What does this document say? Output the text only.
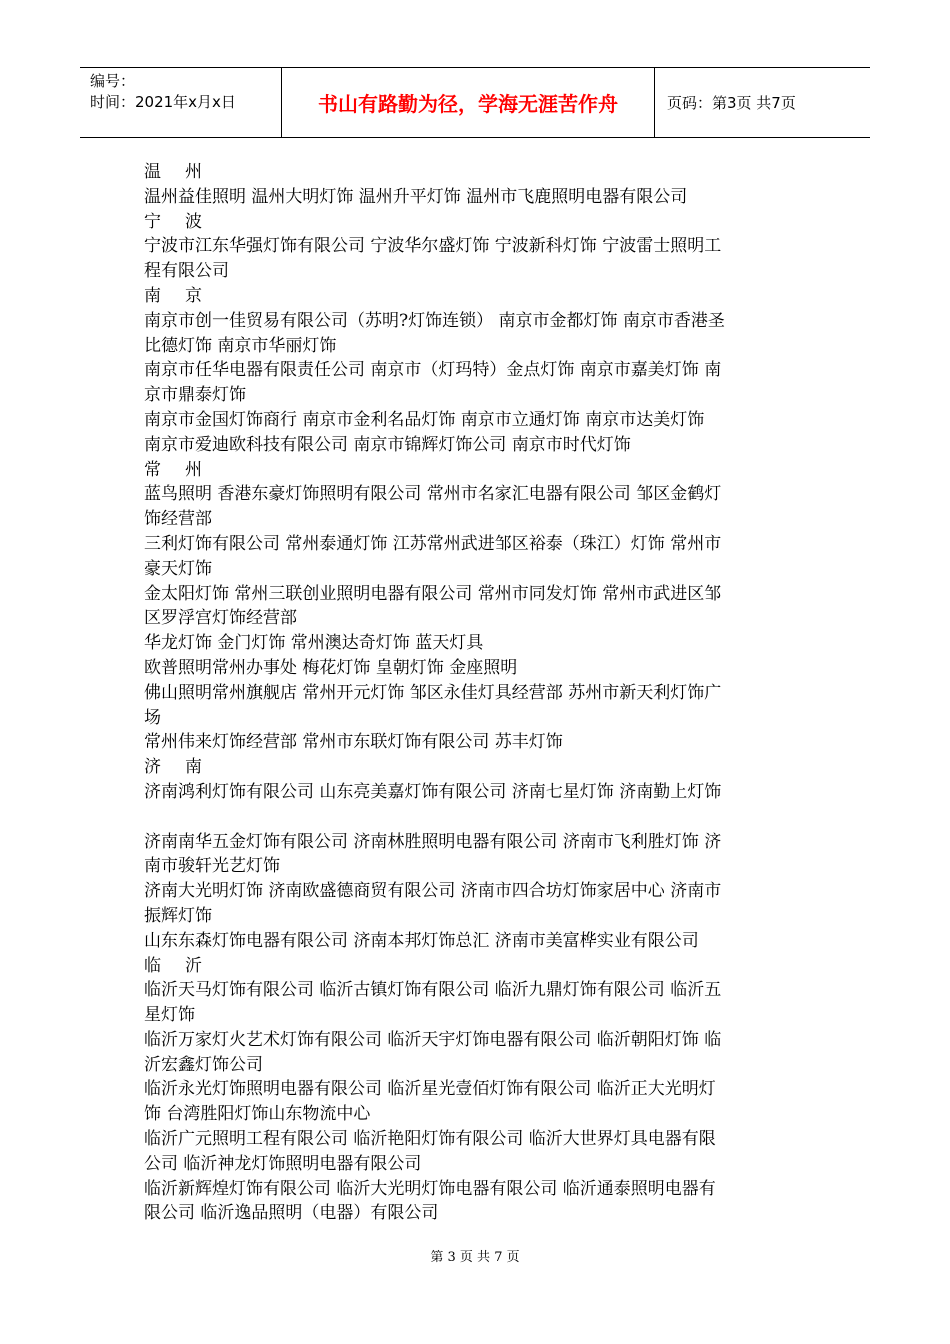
编号：
时间：2021年x月x日	书山有路勤为径，学海无涯苦作舟	页码：第3页 共7页
温 州
温州益佳照明 温州大明灯饰 温州升平灯饰 温州市飞鹿照明电器有限公司
宁 波
宁波市江东华强灯饰有限公司 宁波华尔盛灯饰 宁波新科灯饰 宁波雷士照明工
程有限公司
南 京
南京市创一佳贸易有限公司（苏明?灯饰连锁） 南京市金都灯饰 南京市香港圣
比德灯饰 南京市华丽灯饰
南京市任华电器有限责任公司 南京市（灯玛特）金点灯饰 南京市嘉美灯饰 南
京市鼎泰灯饰
南京市金国灯饰商行 南京市金利名品灯饰 南京市立通灯饰 南京市达美灯饰
南京市爱迪欧科技有限公司 南京市锦辉灯饰公司 南京市时代灯饰
常 州
蓝鸟照明 香港东豪灯饰照明有限公司 常州市名家汇电器有限公司 邹区金鹤灯
饰经营部
三利灯饰有限公司 常州泰通灯饰 江苏常州武进邹区裕泰（珠江）灯饰 常州市
豪天灯饰
金太阳灯饰 常州三联创业照明电器有限公司 常州市同发灯饰 常州市武进区邹
区罗浮宫灯饰经营部
华龙灯饰 金门灯饰 常州澳达奇灯饰 蓝天灯具
欧普照明常州办事处 梅花灯饰 皇朝灯饰 金座照明
佛山照明常州旗舰店 常州开元灯饰 邹区永佳灯具经营部 苏州市新天利灯饰广
场
常州伟来灯饰经营部 常州市东联灯饰有限公司 苏丰灯饰
济 南
济南鸿利灯饰有限公司 山东亮美嘉灯饰有限公司 济南七星灯饰 济南勤上灯饰
济南南华五金灯饰有限公司 济南林胜照明电器有限公司 济南市飞利胜灯饰 济
南市骏轩光艺灯饰
济南大光明灯饰 济南欧盛德商贸有限公司 济南市四合坊灯饰家居中心 济南市
振辉灯饰
山东东森灯饰电器有限公司 济南本邦灯饰总汇 济南市美富桦实业有限公司
临 沂
临沂天马灯饰有限公司 临沂古镇灯饰有限公司 临沂九鼎灯饰有限公司 临沂五
星灯饰
临沂万家灯火艺术灯饰有限公司 临沂天宇灯饰电器有限公司 临沂朝阳灯饰 临
沂宏鑫灯饰公司
临沂永光灯饰照明电器有限公司 临沂星光壹佰灯饰有限公司 临沂正大光明灯
饰 台湾胜阳灯饰山东物流中心
临沂广元照明工程有限公司 临沂艳阳灯饰有限公司 临沂大世界灯具电器有限
公司 临沂神龙灯饰照明电器有限公司
临沂新辉煌灯饰有限公司 临沂大光明灯饰电器有限公司 临沂通泰照明电器有
限公司 临沂逸品照明（电器）有限公司
第 3 页 共 7 页
